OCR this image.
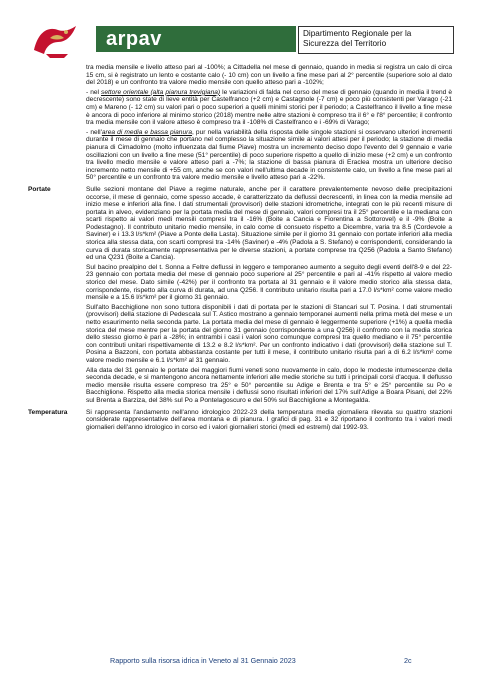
arpav	Dipartimento Regionale per la Sicurezza del Territorio

tra media mensile e livello atteso pari al -100%; a Cittadella nel mese di gennaio, quando in media si registra un calo di circa 15 cm, si è registrato un lento e costante calo (- 10 cm) con un livello a fine mese pari al 2° percentile (superiore solo al dato del 2018) e un confronto tra valore medio mensile con quello atteso pari a -102%;

- nel settore orientale (alta pianura trevigiana) le variazioni di falda nel corso del mese di gennaio (quando in media il trend è decrescente) sono state di lieve entità per Castelfranco (+2 cm) e Castagnole (-7 cm) e poco più consistenti per Varago (-21 cm) e Mareno (- 12 cm) su valori pari o poco superiori a quelli minimi storici per il periodo; a Castelfranco il livello a fine mese è ancora di poco inferiore al minimo storico (2018) mentre nelle altre stazioni è compreso tra il 6° e l'8° percentile; il confronto tra media mensile con il valore atteso è compreso tra il -108% di Castelfranco e i -69% di Varago;

- nell'area di media e bassa pianura, pur nella variabilità della risposta delle singole stazioni si osservano ulteriori incrementi durante il mese di gennaio che portano nel complesso la situazione simile ai valori attesi per il periodo; la stazione di media pianura di Cimadolmo (molto influenzata dal fiume Piave) mostra un incremento deciso dopo l'evento del 9 gennaio e varie oscillazioni con un livello a fine mese (51° percentile) di poco superiore rispetto a quello di inizio mese (+2 cm) e un confronto tra livello medio mensile e valore atteso pari a -7%; la stazione di bassa pianura di Eraclea mostra un ulteriore deciso incremento netto mensile di +55 cm, anche se con valori nell'ultima decade in consistente calo, un livello a fine mese pari al 50° percentile e un confronto tra valore medio mensile e livello atteso pari a -22%.

Portate	Sulle sezioni montane del Piave a regime naturale, anche per il carattere prevalentemente nevoso delle precipitazioni occorse, il mese di gennaio, come spesso accade, è caratterizzato da deflussi decrescenti, in linea con la media mensile ad inizio mese e inferiori alla fine. I dati strumentali (provvisori) delle stazioni idrometriche, integrati con le più recenti misure di portata in alveo, evidenziano per la portata media del mese di gennaio, valori compresi tra il 25° percentile e la mediana con scarti rispetto ai valori medi mensili compresi tra il -16% (Boite a Cancia e Fiorentina a Sottorovel) e il -9% (Boite a Podestagno). Il contributo unitario medio mensile, in calo come di consueto rispetto a Dicembre, varia tra 8.5 (Cordevole a Saviner) e i 13.3 l/s*km² (Piave a Ponte della Lasta). Situazione simile per il giorno 31 gennaio con portate inferiori alla media storica alla stessa data, con scarti compresi tra -14% (Saviner) e -4% (Padola a S. Stefano) e corrispondenti, considerando la curva di durata storicamente rappresentativa per le diverse stazioni, a portate comprese tra Q256 (Padola a Santo Stefano) ed una Q231 (Boite a Cancia).

Sul bacino prealpino del t. Sonna a Feltre deflussi in leggero e temporaneo aumento a seguito degli eventi dell'8-9 e del 22-23 gennaio con portata media del mese di gennaio poco superiore al 25° percentile e pari al -41% rispetto al valore medio storico del mese. Dato simile (-42%) per il confronto tra portata al 31 gennaio e il valore medio storico alla stessa data, corrispondente, rispetto alla curva di durata, ad una Q256. Il contributo unitario risulta pari a 17.0 l/s*km² come valore medio mensile e a 15.6 l/s*km² per il giorno 31 gennaio.

Sull'alto Bacchiglione non sono tuttora disponibili i dati di portata per le stazioni di Stancari sul T. Posina. I dati strumentali (provvisori) della stazione di Pedescala sul T. Astico mostrano a gennaio temporanei aumenti nella prima metà del mese e un netto esaurimento nella seconda parte. La portata media del mese di gennaio è leggermente superiore (+1%) a quella media storica del mese mentre per la portata del giorno 31 gennaio (corrispondente a una Q256) il confronto con la media storica dello stesso giorno è pari a -28%; in entrambi i casi i valori sono comunque compresi tra quello mediano e il 75° percentile con contributi unitari rispettivamente di 13.2 e 8.2 l/s*km². Per un confronto indicativo i dati (provvisori) della stazione sul T. Posina a Bazzoni, con portata abbastanza costante per tutti il mese, il contributo unitario risulta pari a di 6.2 l/s*km² come valore medio mensile e 6.1 l/s*km² al 31 gennaio.

Alla data del 31 gennaio le portate dei maggiori fiumi veneti sono nuovamente in calo, dopo le modeste intumescenze della seconda decade, e si mantengono ancora nettamente inferiori alle medie storiche su tutti i principali corsi d'acqua. Il deflusso medio mensile risulta essere compreso tra 25° e 50° percentile su Adige e Brenta e tra 5° e 25° percentile su Po e Bacchiglione. Rispetto alla media storica mensile i deflussi sono risultati inferiori del 17% sull'Adige a Boara Pisani, del 22% sul Brenta a Barziza, del 38% sul Po a Pontelagoscuro e del 50% sul Bacchiglione a Montegalda.

Temperatura	Si rappresenta l'andamento nell'anno idrologico 2022-23 della temperatura media giornaliera rilevata su quattro stazioni considerate rappresentative dell'area montana e di pianura. I grafici di pag. 31 e 32 riportano il confronto tra i valori medi giornalieri dell'anno idrologico in corso ed i valori giornalieri storici (medi ed estremi) dal 1992-93.

Rapporto sulla risorsa idrica in Veneto al 31 Gennaio 2023	2c
